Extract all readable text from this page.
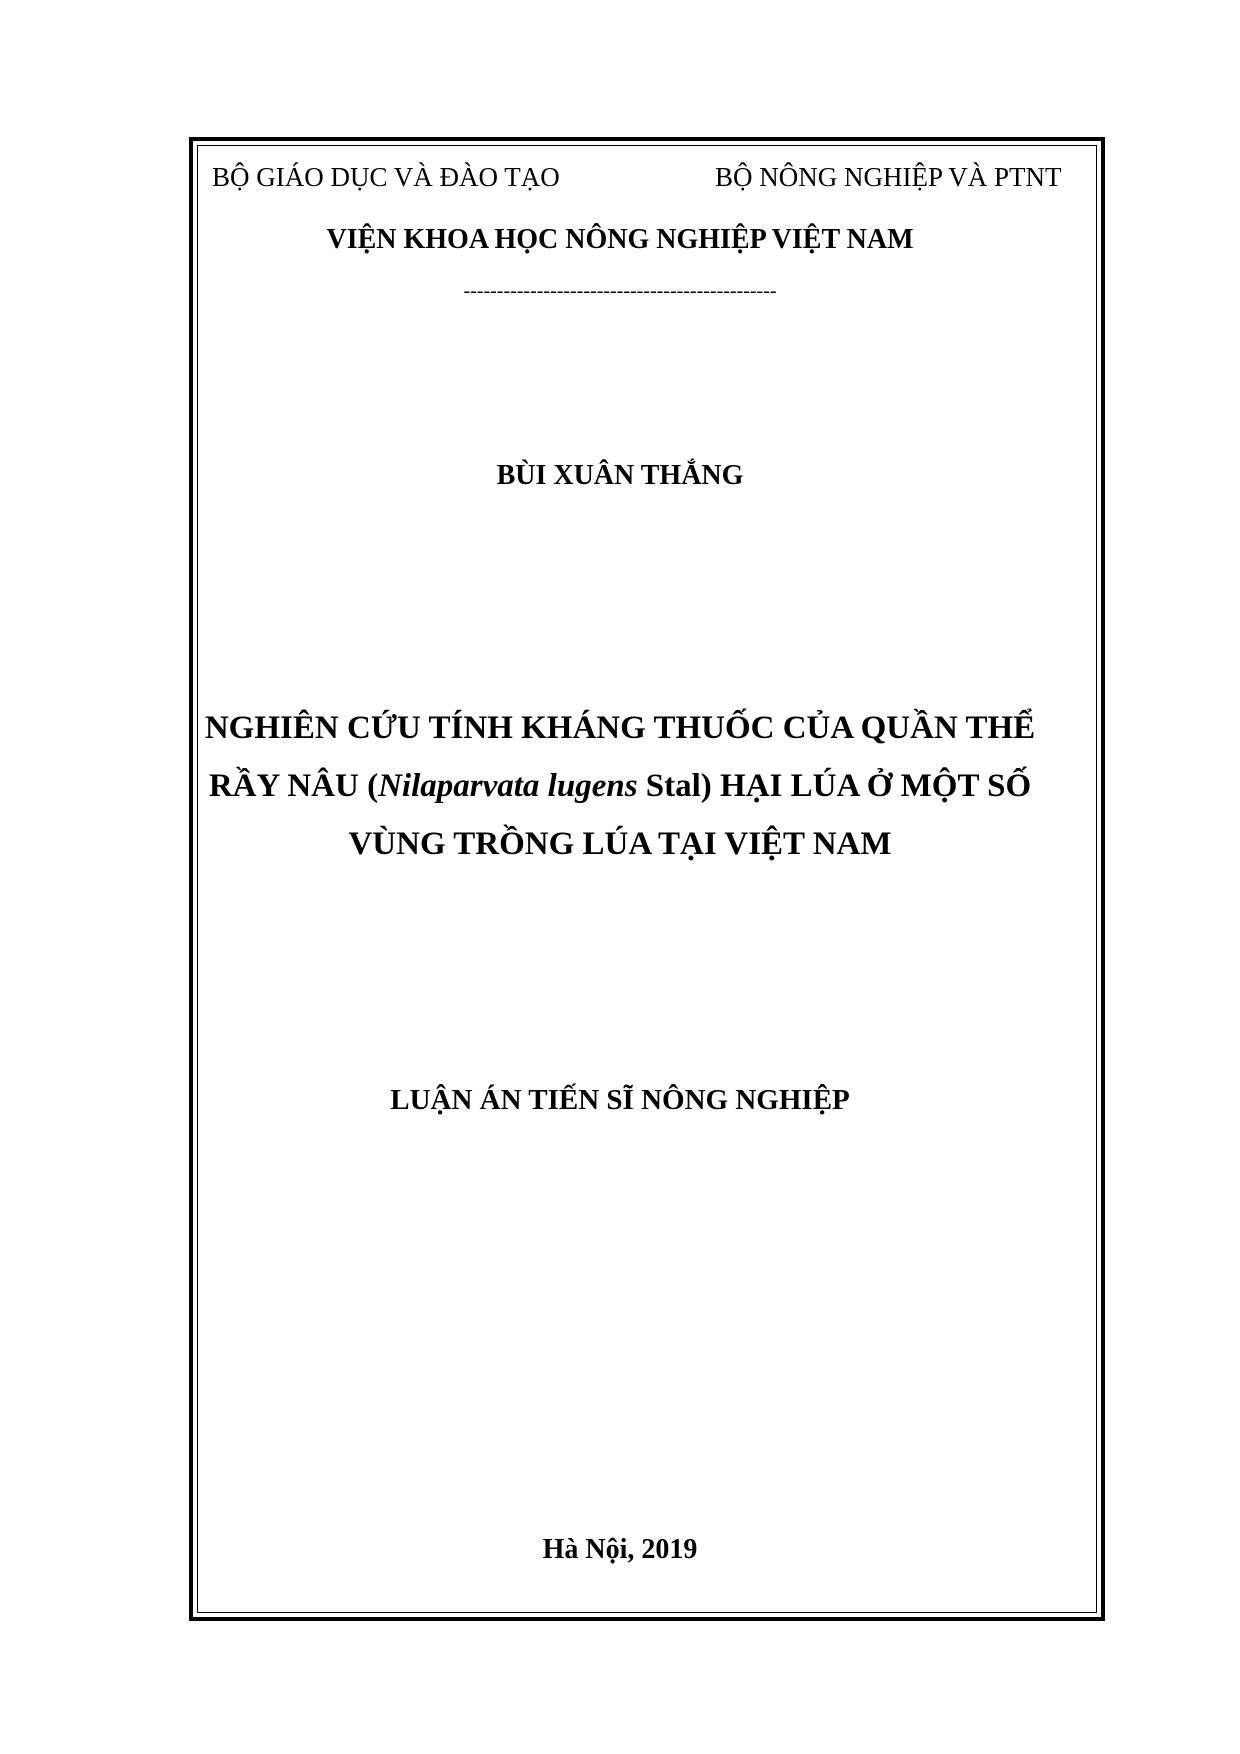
BỘ GIÁO DỤC VÀ ĐÀO TẠO	BỘ NÔNG NGHIỆP VÀ PTNT
VIỆN KHOA HỌC NÔNG NGHIỆP VIỆT NAM
-----------------------------------------------
BÙI XUÂN THẮNG
NGHIÊN CỨU TÍNH KHÁNG THUỐC CỦA QUẦN THỂ
RẦY NÂU (Nilaparvata lugens Stal) HẠI LÚA Ở MỘT SỐ
VÙNG TRỒNG LÚA TẠI VIỆT NAM
LUẬN ÁN TIẾN SĨ NÔNG NGHIỆP
Hà Nội, 2019
